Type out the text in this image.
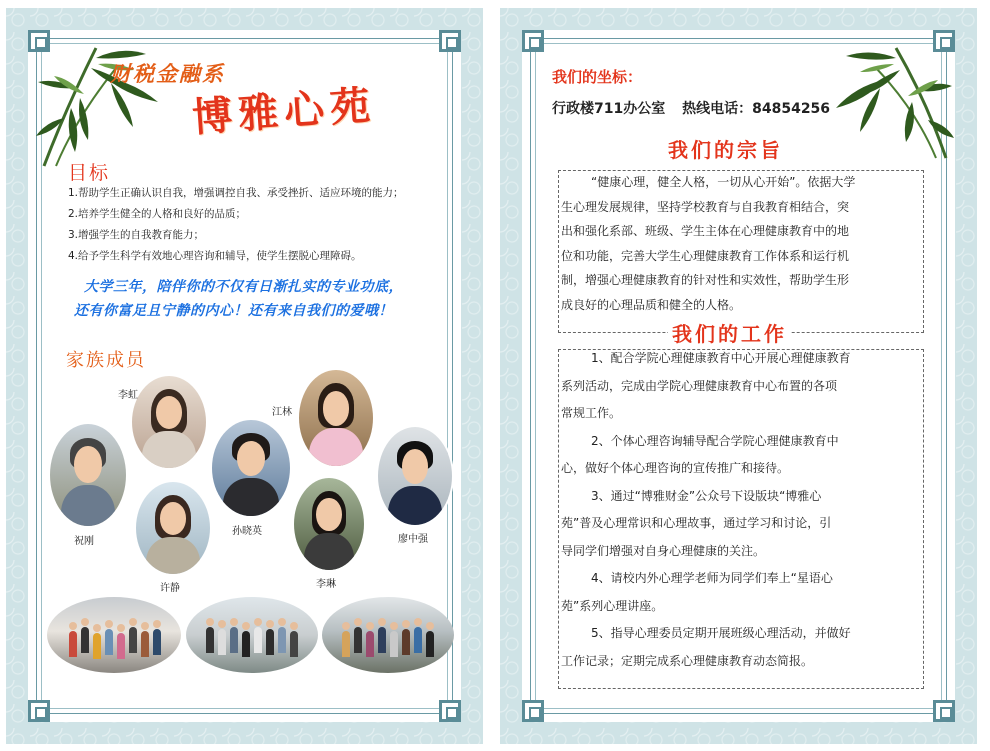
财税金融系
博雅心苑
目标
1.帮助学生正确认识自我，增强调控自我、承受挫折、适应环境的能力；
2.培养学生健全的人格和良好的品质；
3.增强学生的自我教育能力；
4.给予学生科学有效地心理咨询和辅导，使学生摆脱心理障碍。
大学三年，陪伴你的不仅有日渐扎实的专业功底，
还有你富足且宁静的内心！还有来自我们的爱哦！
家族成员
李虹
江林
祝刚
孙晓英
廖中强
许静	李琳
我们的坐标：
行政楼711办公室 热线电话：84854256
我们的宗旨

“健康心理，健全人格，一切从心开始”。依据大学

生心理发展规律，坚持学校教育与自我教育相结合，突

出和强化系部、班级、学生主体在心理健康教育中的地

位和功能，完善大学生心理健康教育工作体系和运行机

制，增强心理健康教育的针对性和实效性，帮助学生形

成良好的心理品质和健全的人格。

我们的工作

1、配合学院心理健康教育中心开展心理健康教育

系列活动，完成由学院心理健康教育中心布置的各项

常规工作。

2、个体心理咨询辅导配合学院心理健康教育中

心，做好个体心理咨询的宣传推广和接待。

3、通过“博雅财金”公众号下设版块“博雅心

苑”普及心理常识和心理故事，通过学习和讨论，引

导同学们增强对自身心理健康的关注。

4、请校内外心理学老师为同学们奉上“星语心

苑”系列心理讲座。

5、指导心理委员定期开展班级心理活动，并做好

工作记录；定期完成系心理健康教育动态简报。
